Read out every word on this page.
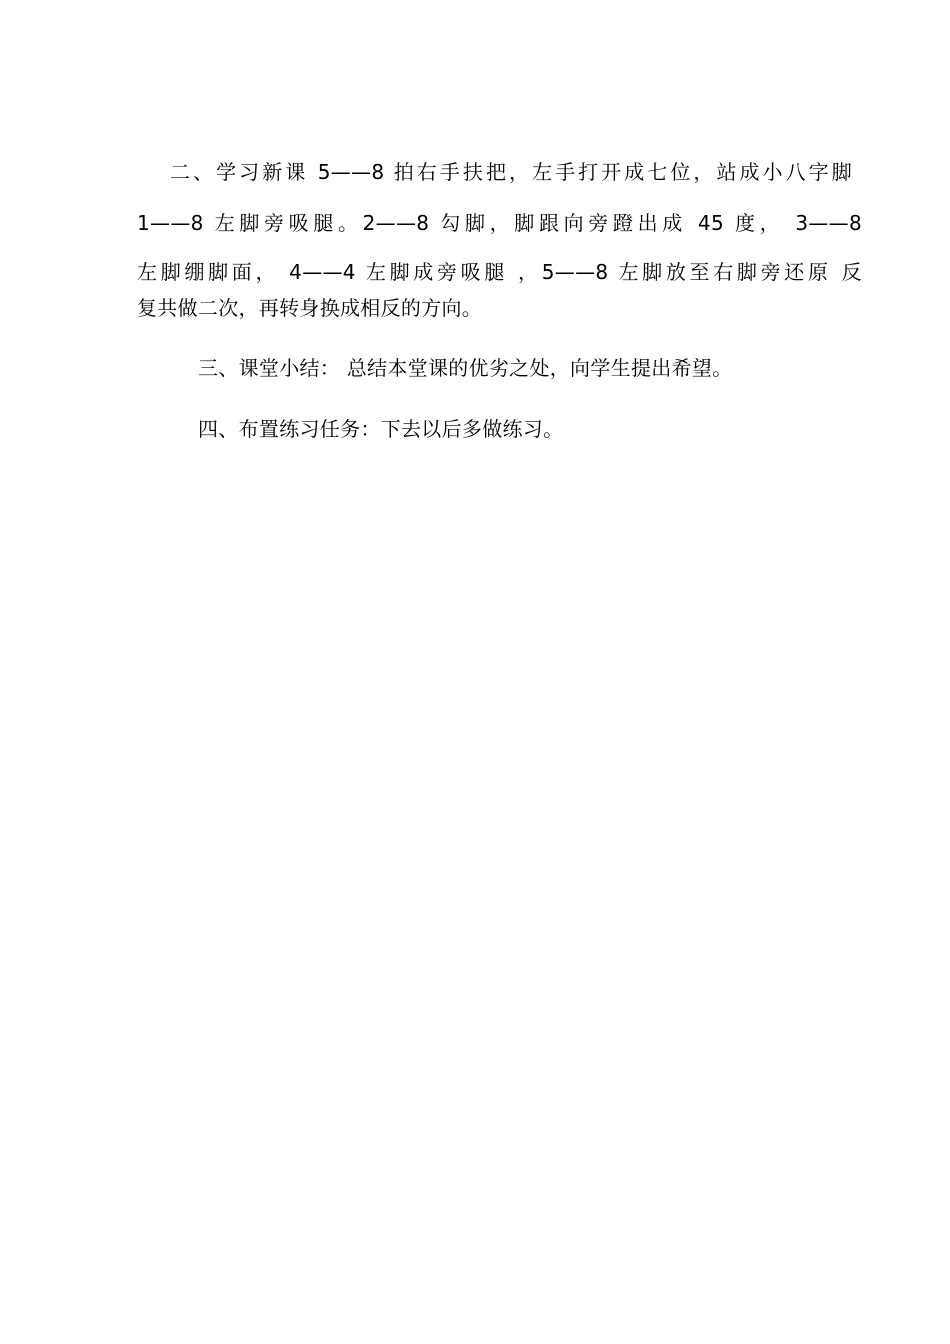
二、学习新课 5——8 拍右手扶把，左手打开成七位，站成小八字脚
1——8 左脚旁吸腿。2——8 勾脚，脚跟向旁蹬出成 45 度， 3——8
左脚绷脚面， 4——4 左脚成旁吸腿 ，5——8 左脚放至右脚旁还原 反
复共做二次，再转身换成相反的方向。
三、课堂小结： 总结本堂课的优劣之处，向学生提出希望。
四、布置练习任务：下去以后多做练习。
